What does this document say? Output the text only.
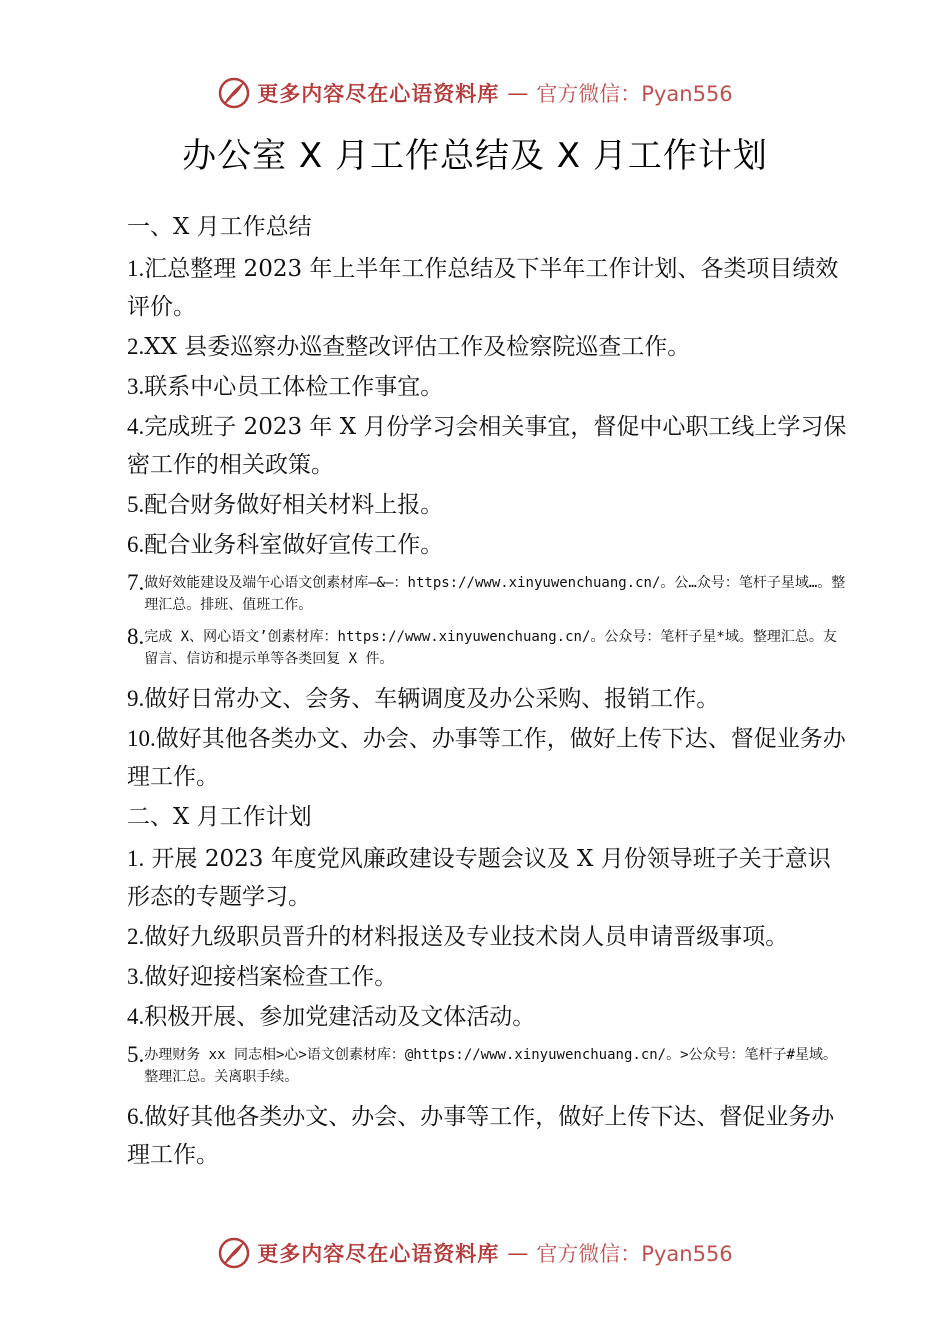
更多内容尽在心语资料库 — 官方微信：Pyan556
办公室 X 月工作总结及 X 月工作计划
一、X 月工作总结
1.汇总整理 2023 年上半年工作总结及下半年工作计划、各类项目绩效评价。
2.XX 县委巡察办巡查整改评估工作及检察院巡查工作。
3.联系中心员工体检工作事宜。
4.完成班子 2023 年 X 月份学习会相关事宜，督促中心职工线上学习保密工作的相关政策。
5.配合财务做好相关材料上报。
6.配合业务科室做好宣传工作。
7. 做好效能建设及端午心语文创素材库—&—：https://www.xinyuwenchuang.cn/。公…众号：笔杆子星域…。整理汇总。排班、值班工作。
8. 完成 X、网心语文’创素材库：https://www.xinyuwenchuang.cn/。公众号：笔杆子星*域。整理汇总。友留言、信访和提示单等各类回复 X 件。
9.做好日常办文、会务、车辆调度及办公采购、报销工作。
10.做好其他各类办文、办会、办事等工作，做好上传下达、督促业务办理工作。
二、X 月工作计划
1. 开展 2023 年度党风廉政建设专题会议及 X 月份领导班子关于意识形态的专题学习。
2.做好九级职员晋升的材料报送及专业技术岗人员申请晋级事项。
3.做好迎接档案检查工作。
4.积极开展、参加党建活动及文体活动。
5. 办理财务 xx 同志相>心>语文创素材库：@https://www.xinyuwenchuang.cn/。>公众号：笔杆子#星域。整理汇总。关离职手续。
6.做好其他各类办文、办会、办事等工作，做好上传下达、督促业务办理工作。
更多内容尽在心语资料库 — 官方微信：Pyan556
